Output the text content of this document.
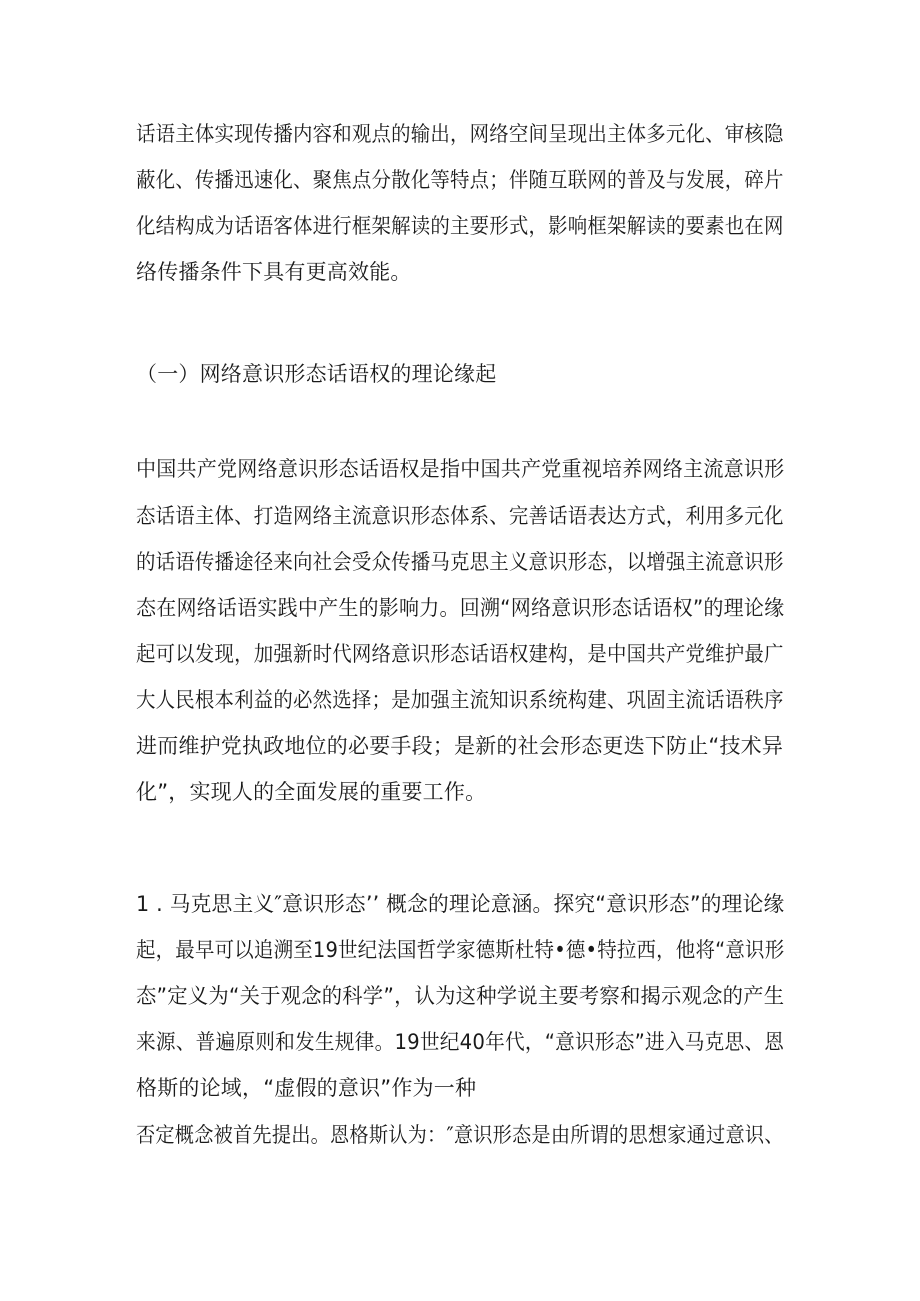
话语主体实现传播内容和观点的输出，网络空间呈现出主体多元化、审核隐
蔽化、传播迅速化、聚焦点分散化等特点；伴随互联网的普及与发展，碎片
化结构成为话语客体进行框架解读的主要形式，影响框架解读的要素也在网
络传播条件下具有更高效能。
（一）网络意识形态话语权的理论缘起
中国共产党网络意识形态话语权是指中国共产党重视培养网络主流意识形
态话语主体、打造网络主流意识形态体系、完善话语表达方式，利用多元化
的话语传播途径来向社会受众传播马克思主义意识形态，以增强主流意识形
态在网络话语实践中产生的影响力。回溯“网络意识形态话语权”的理论缘
起可以发现，加强新时代网络意识形态话语权建构，是中国共产党维护最广
大人民根本利益的必然选择；是加强主流知识系统构建、巩固主流话语秩序
进而维护党执政地位的必要手段；是新的社会形态更迭下防止“技术异
化”，实现人的全面发展的重要工作。
1 . 马克思主义″意识形态’’ 概念的理论意涵。探究“意识形态”的理论缘
起，最早可以追溯至19世纪法国哲学家德斯杜特•德•特拉西，他将“意识形
态”定义为“关于观念的科学”，认为这种学说主要考察和揭示观念的产生
来源、普遍原则和发生规律。19世纪40年代，“意识形态”进入马克思、恩
格斯的论域，“虚假的意识”作为一种
否定概念被首先提出。恩格斯认为：″意识形态是由所谓的思想家通过意识、
